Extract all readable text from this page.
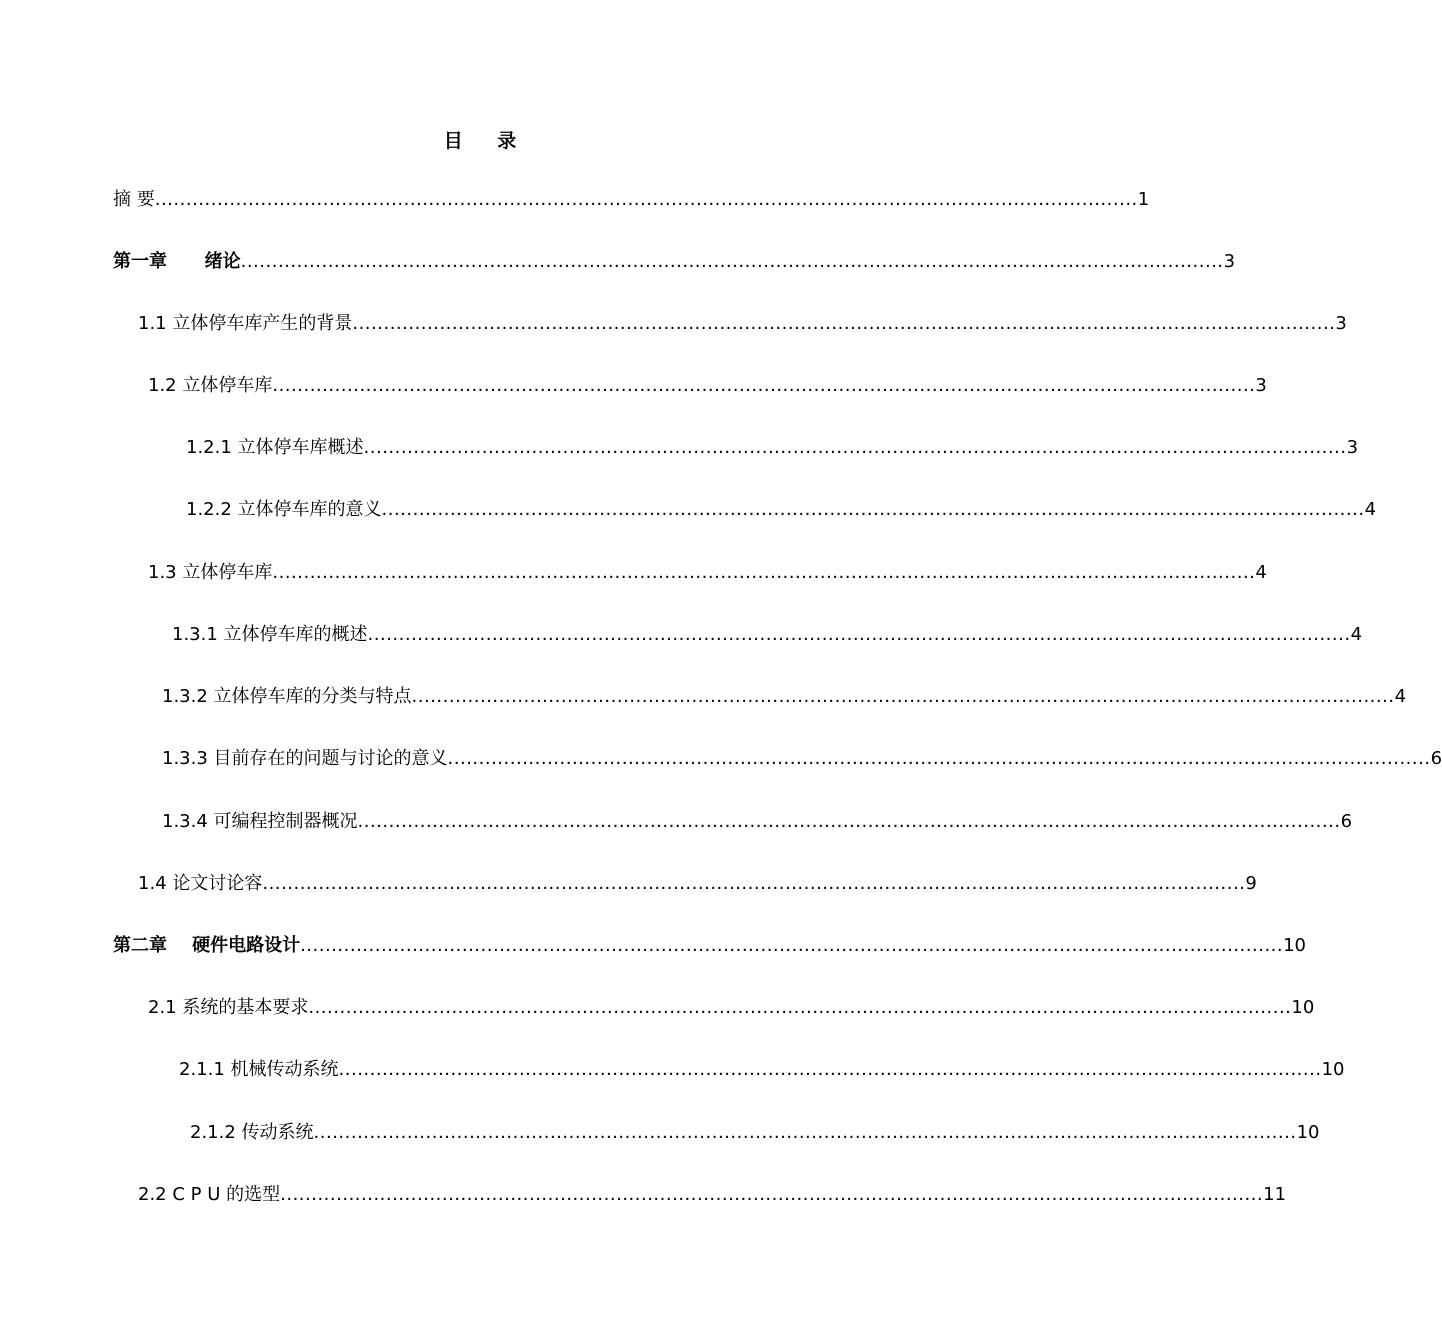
目 录
摘 要 .............................................................................................................................................................. 1
第一章      绪论 .............................................................................................................................................................. 3
1.1 立体停车库产生的背景 .............................................................................................................................................................. 3
1.2 立体停车库 .............................................................................................................................................................. 3
1.2.1 立体停车库概述 .............................................................................................................................................................. 3
1.2.2 立体停车库的意义 .............................................................................................................................................................. 4
1.3 立体停车库 .............................................................................................................................................................. 4
1.3.1 立体停车库的概述 .............................................................................................................................................................. 4
1.3.2 立体停车库的分类与特点 .............................................................................................................................................................. 4
1.3.3 目前存在的问题与讨论的意义 .............................................................................................................................................................. 6
1.3.4 可编程控制器概况 .............................................................................................................................................................. 6
1.4 论文讨论容 .............................................................................................................................................................. 9
第二章    硬件电路设计 .............................................................................................................................................................. 10
2.1 系统的基本要求 .............................................................................................................................................................. 10
2.1.1 机械传动系统 .............................................................................................................................................................. 10
2.1.2 传动系统 .............................................................................................................................................................. 10
2.2 C P U 的选型 .............................................................................................................................................................. 11
